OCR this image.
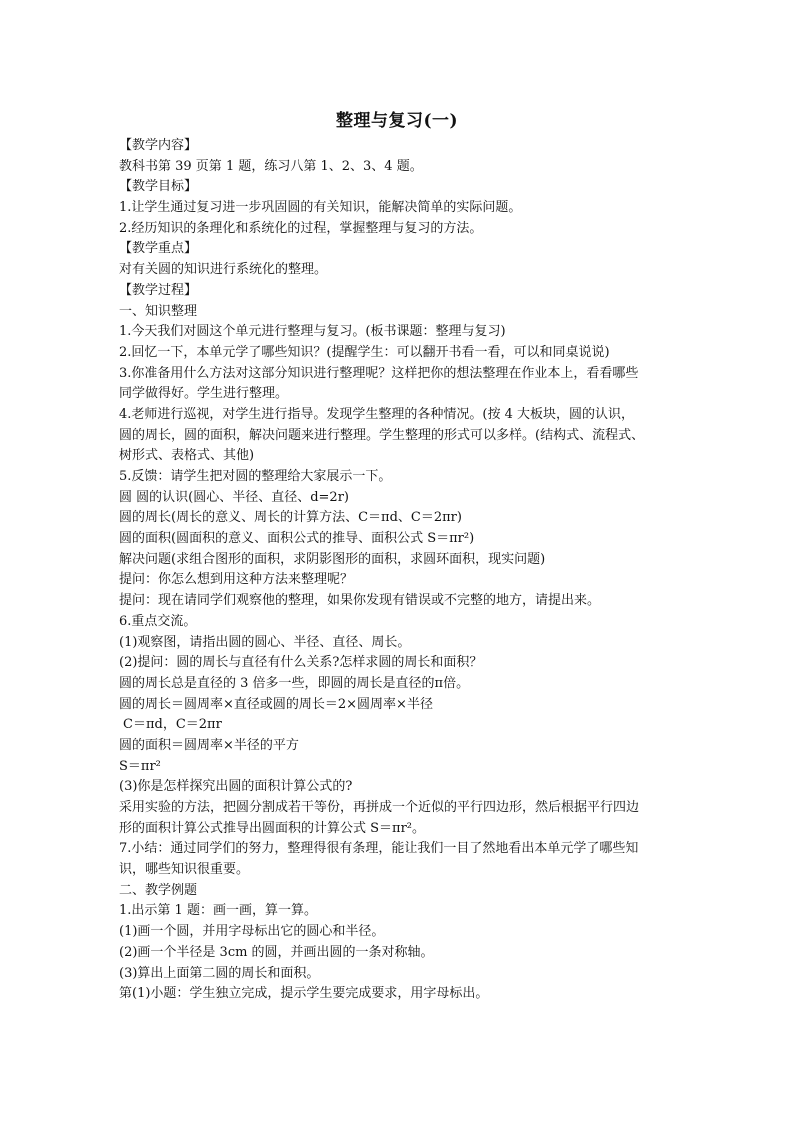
整理与复习(一)
【教学内容】
教科书第 39 页第 1 题，练习八第 1、2、3、4 题。
【教学目标】
1.让学生通过复习进一步巩固圆的有关知识，能解决简单的实际问题。
2.经历知识的条理化和系统化的过程，掌握整理与复习的方法。
【教学重点】
对有关圆的知识进行系统化的整理。
【教学过程】
一、知识整理
1.今天我们对圆这个单元进行整理与复习。(板书课题：整理与复习)
2.回忆一下，本单元学了哪些知识？(提醒学生：可以翻开书看一看，可以和同桌说说)
3.你准备用什么方法对这部分知识进行整理呢？这样把你的想法整理在作业本上，看看哪些
同学做得好。学生进行整理。
4.老师进行巡视，对学生进行指导。发现学生整理的各种情况。(按 4 大板块，圆的认识，
圆的周长，圆的面积，解决问题来进行整理。学生整理的形式可以多样。(结构式、流程式、
树形式、表格式、其他)
5.反馈：请学生把对圆的整理给大家展示一下。
圆 圆的认识(圆心、半径、直径、d=2r)
圆的周长(周长的意义、周长的计算方法、C＝πd、C＝2πr)
圆的面积(圆面积的意义、面积公式的推导、面积公式 S＝πr²)
解决问题(求组合图形的面积，求阴影图形的面积，求圆环面积，现实问题)
提问：你怎么想到用这种方法来整理呢？
提问：现在请同学们观察他的整理，如果你发现有错误或不完整的地方，请提出来。
6.重点交流。
(1)观察图，请指出圆的圆心、半径、直径、周长。
(2)提问：圆的周长与直径有什么关系?怎样求圆的周长和面积？
圆的周长总是直径的 3 倍多一些，即圆的周长是直径的π倍。
圆的周长＝圆周率×直径或圆的周长＝2×圆周率×半径
C＝πd，C＝2πr
圆的面积＝圆周率×半径的平方
S＝πr²
(3)你是怎样探究出圆的面积计算公式的?
采用实验的方法，把圆分割成若干等份，再拼成一个近似的平行四边形，然后根据平行四边
形的面积计算公式推导出圆面积的计算公式 S＝πr²。
7.小结：通过同学们的努力，整理得很有条理，能让我们一目了然地看出本单元学了哪些知
识，哪些知识很重要。
二、教学例题
1.出示第 1 题：画一画，算一算。
(1)画一个圆，并用字母标出它的圆心和半径。
(2)画一个半径是 3cm 的圆，并画出圆的一条对称轴。
(3)算出上面第二圆的周长和面积。
第(1)小题：学生独立完成，提示学生要完成要求，用字母标出。
